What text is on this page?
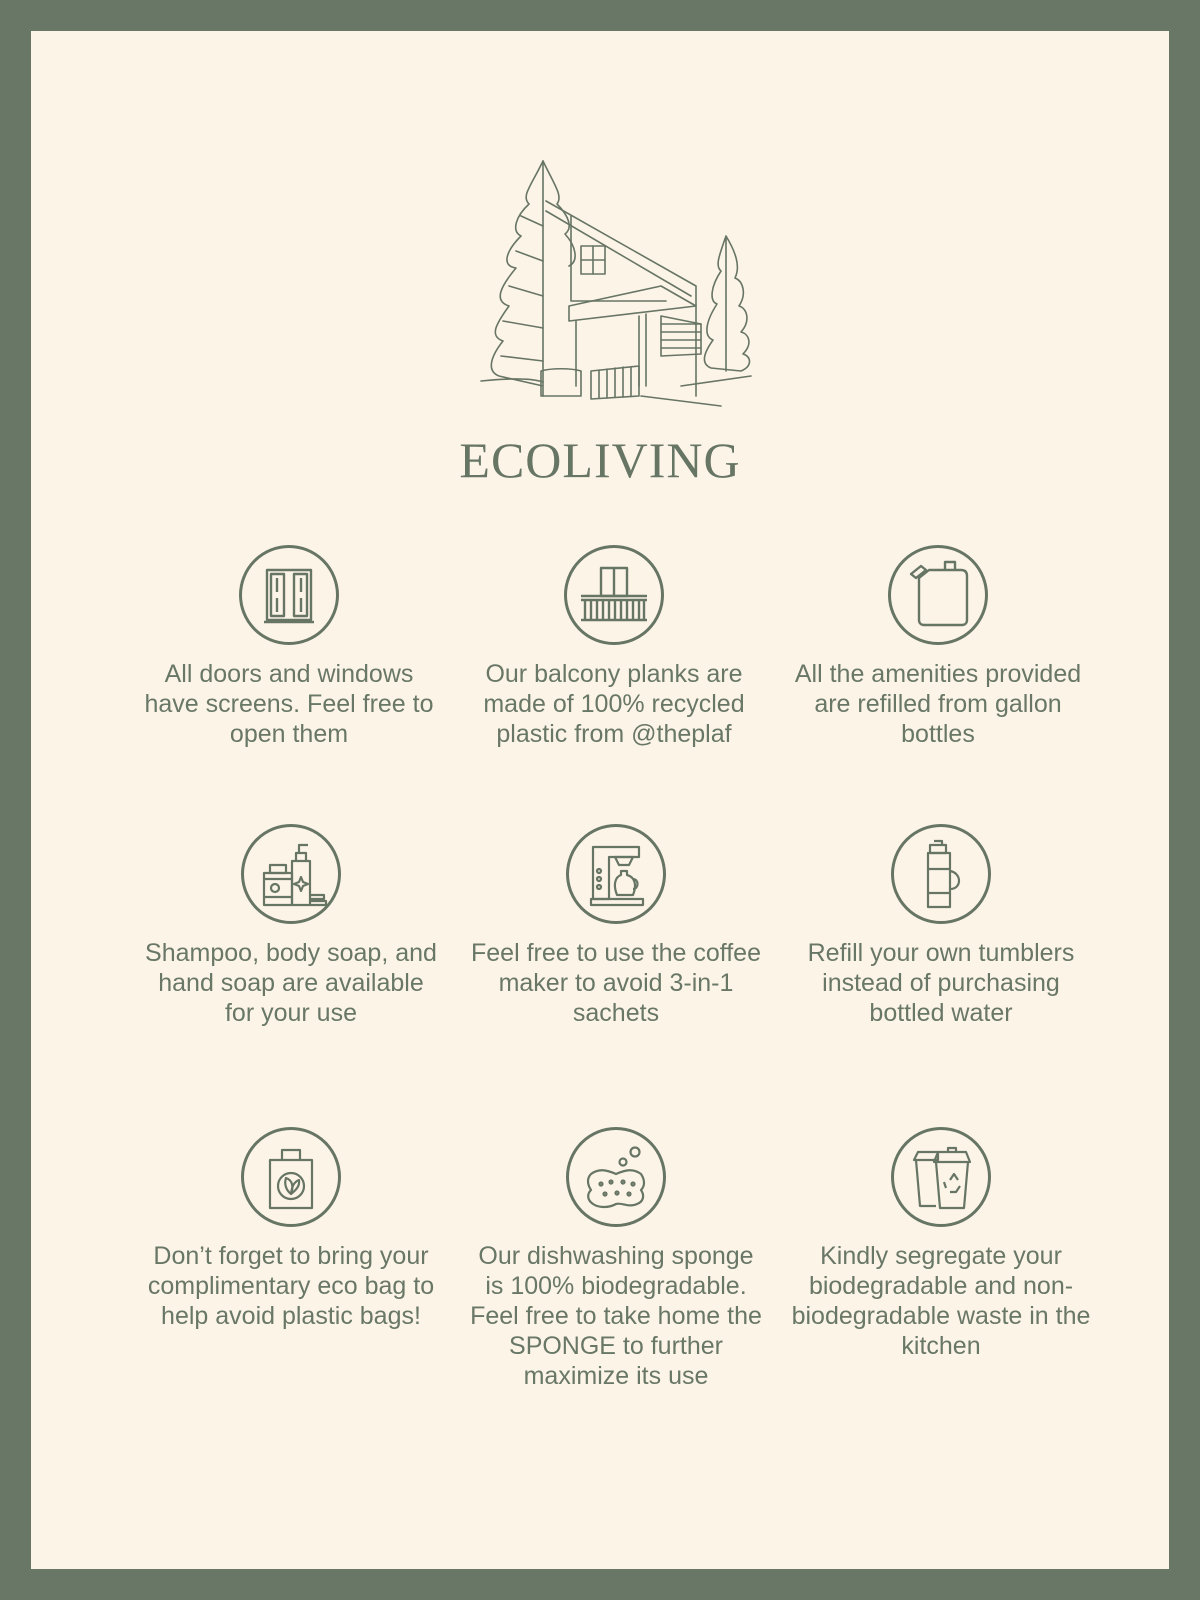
ECOLIVING
All doors and windows have screens. Feel free to open them
Our balcony planks are made of 100% recycled plastic from @theplaf
All the amenities provided are refilled from gallon bottles
Shampoo, body soap, and hand soap are available for your use
Feel free to use the coffee maker to avoid 3-in-1 sachets
Refill your own tumblers instead of purchasing bottled water
Don’t forget to bring your complimentary eco bag to help avoid plastic bags!
Our dishwashing sponge is 100% biodegradable. Feel free to take home the SPONGE to further maximize its use
Kindly segregate your biodegradable and non-biodegradable waste in the kitchen
